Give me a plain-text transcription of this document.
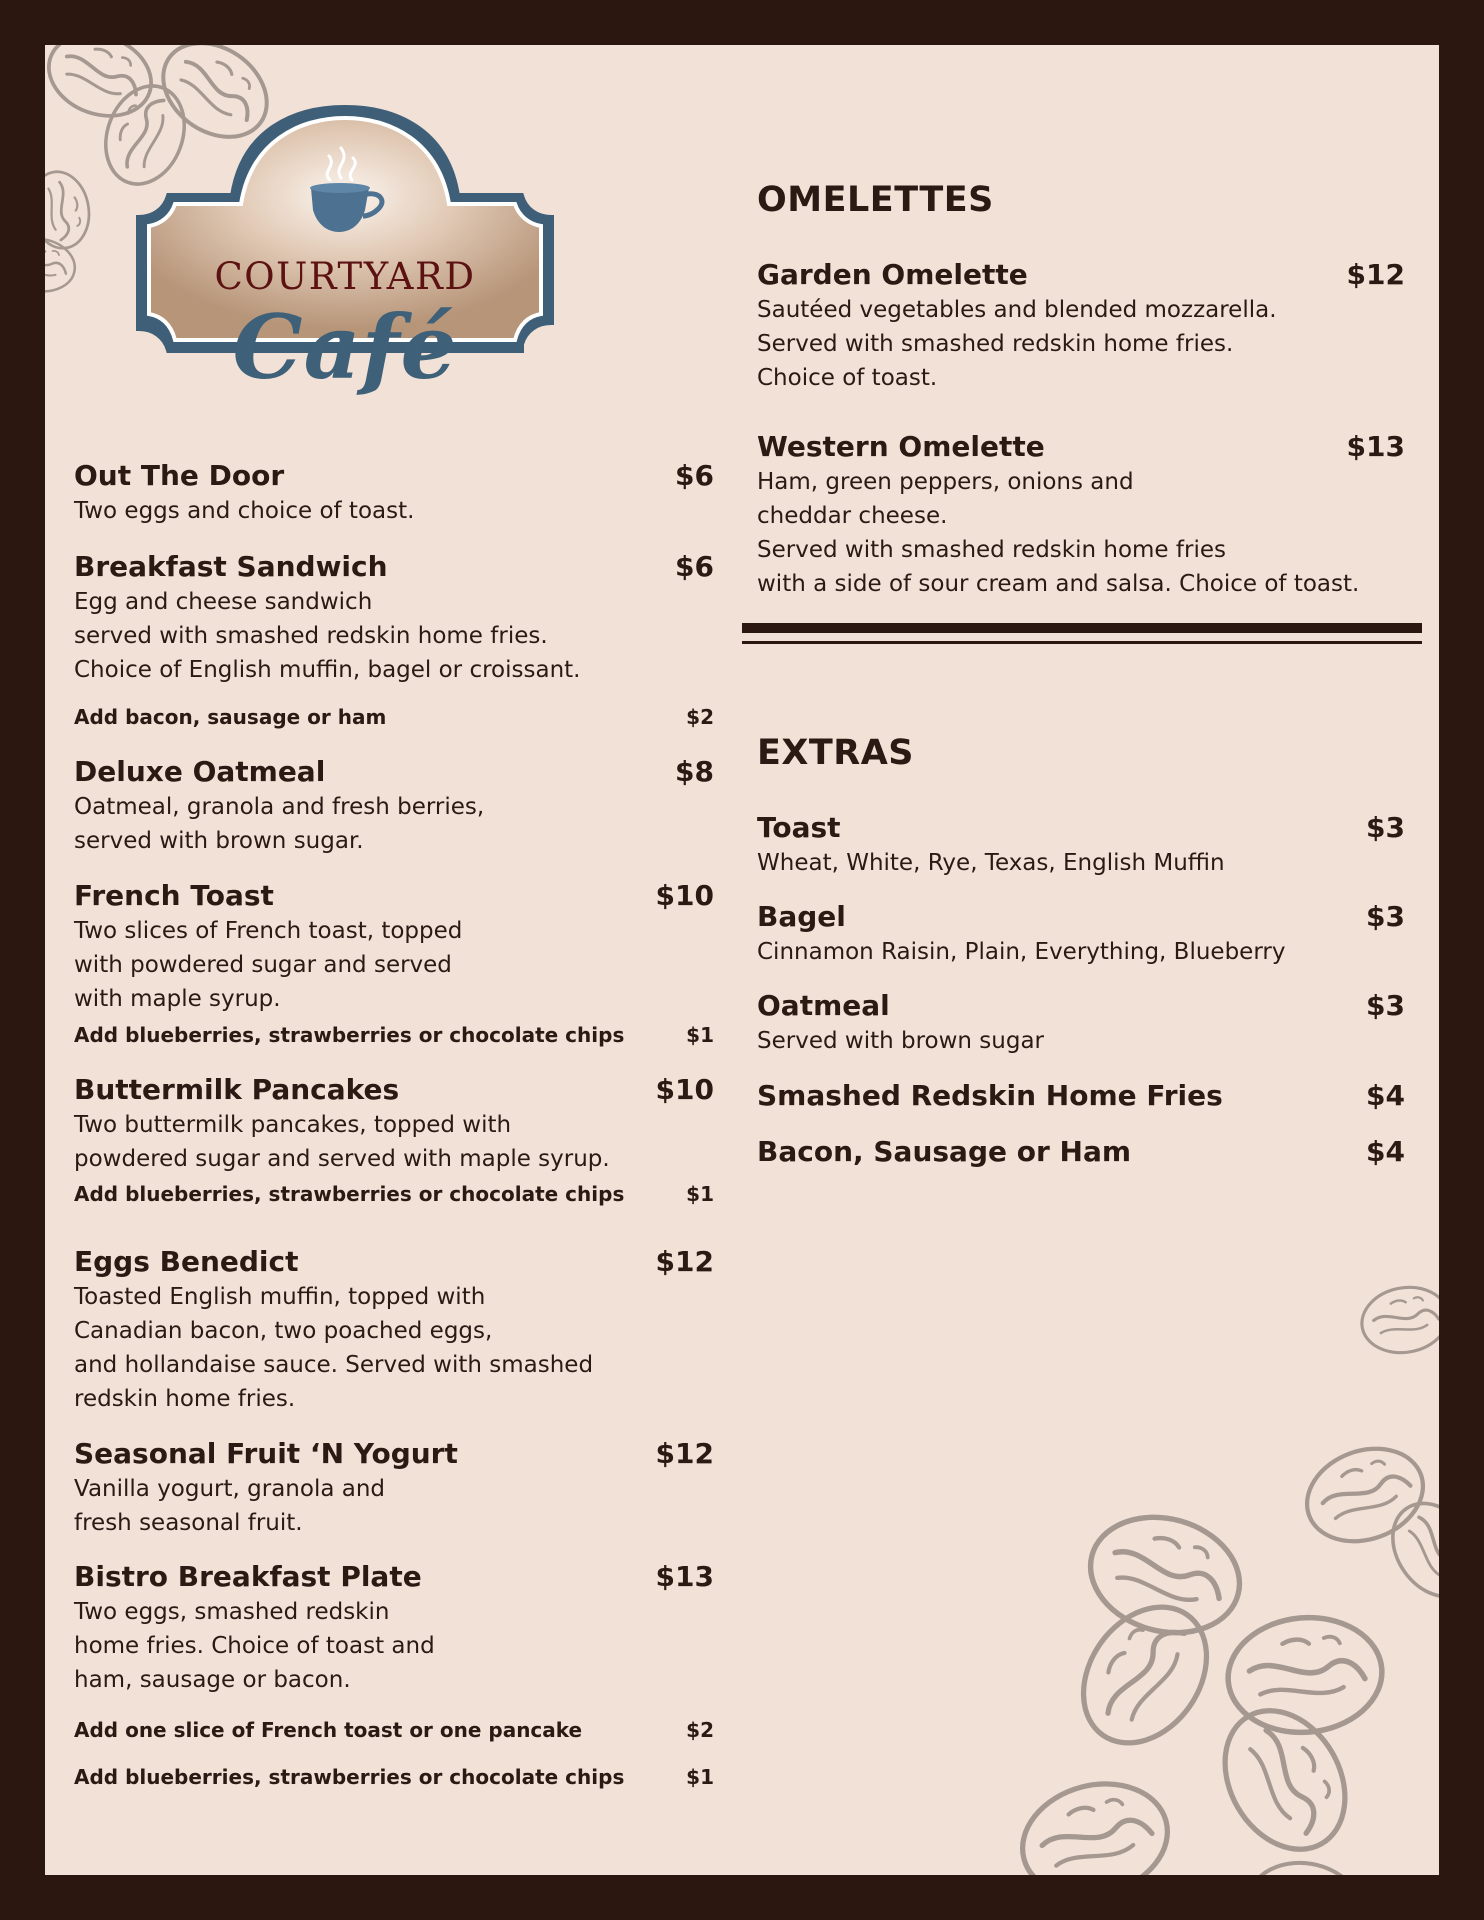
COURTYARD
Café
Out The Door	$6
Two eggs and choice of toast.
Breakfast Sandwich	$6
Egg and cheese sandwich
served with smashed redskin home fries.
Choice of English muffin, bagel or croissant.
Add bacon, sausage or ham	$2
Deluxe Oatmeal	$8
Oatmeal, granola and fresh berries,
served with brown sugar.
French Toast	$10
Two slices of French toast, topped
with powdered sugar and served
with maple syrup.
Add blueberries, strawberries or chocolate chips	$1
Buttermilk Pancakes	$10
Two buttermilk pancakes, topped with
powdered sugar and served with maple syrup.
Add blueberries, strawberries or chocolate chips	$1
Eggs Benedict	$12
Toasted English muffin, topped with
Canadian bacon, two poached eggs,
and hollandaise sauce. Served with smashed
redskin home fries.
Seasonal Fruit ‘N Yogurt	$12
Vanilla yogurt, granola and
fresh seasonal fruit.
Bistro Breakfast Plate	$13
Two eggs, smashed redskin
home fries. Choice of toast and
ham, sausage or bacon.
Add one slice of French toast or one pancake	$2
Add blueberries, strawberries or chocolate chips	$1
OMELETTES
Garden Omelette	$12
Sautéed vegetables and blended mozzarella.
Served with smashed redskin home fries.
Choice of toast.
Western Omelette	$13
Ham, green peppers, onions and
cheddar cheese.
Served with smashed redskin home fries
with a side of sour cream and salsa. Choice of toast.
EXTRAS
Toast	$3
Wheat, White, Rye, Texas, English Muffin
Bagel	$3
Cinnamon Raisin, Plain, Everything, Blueberry
Oatmeal	$3
Served with brown sugar
Smashed Redskin Home Fries	$4
Bacon, Sausage or Ham	$4
